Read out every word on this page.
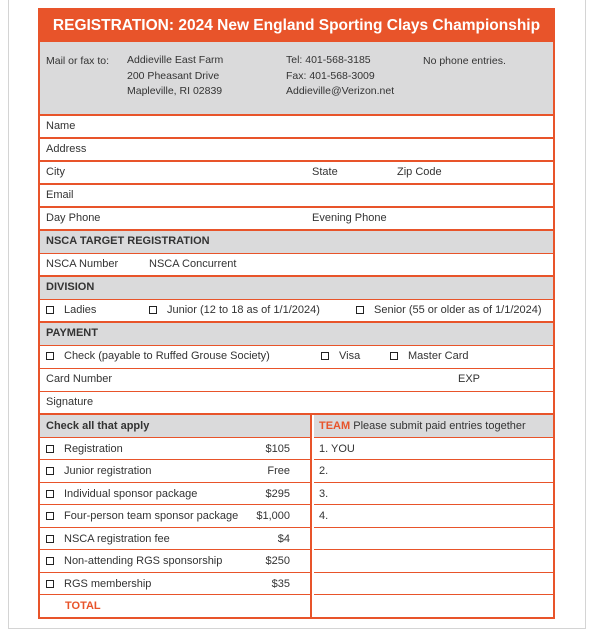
REGISTRATION: 2024 New England Sporting Clays Championship
Mail or fax to: Addieville East Farm
200 Pheasant Drive
Mapleville, RI 02839
Tel: 401-568-3185
Fax: 401-568-3009
Addieville@Verizon.net
No phone entries.
Name
Address
City	State	Zip Code
Email
Day Phone	Evening Phone
NSCA TARGET REGISTRATION
NSCA Number	NSCA Concurrent
DIVISION
Ladies	Junior (12 to 18 as of 1/1/2024)	Senior (55 or older as of 1/1/2024)
PAYMENT
Check (payable to Ruffed Grouse Society)	Visa	Master Card
Card Number	EXP
Signature
Check all that apply
Registration	$105
Junior registration	Free
Individual sponsor package	$295
Four-person team sponsor package $1,000
NSCA registration fee	$4
Non-attending RGS sponsorship	$250
RGS membership	$35
TOTAL
TEAM Please submit paid entries together
1. YOU
2.
3.
4.
